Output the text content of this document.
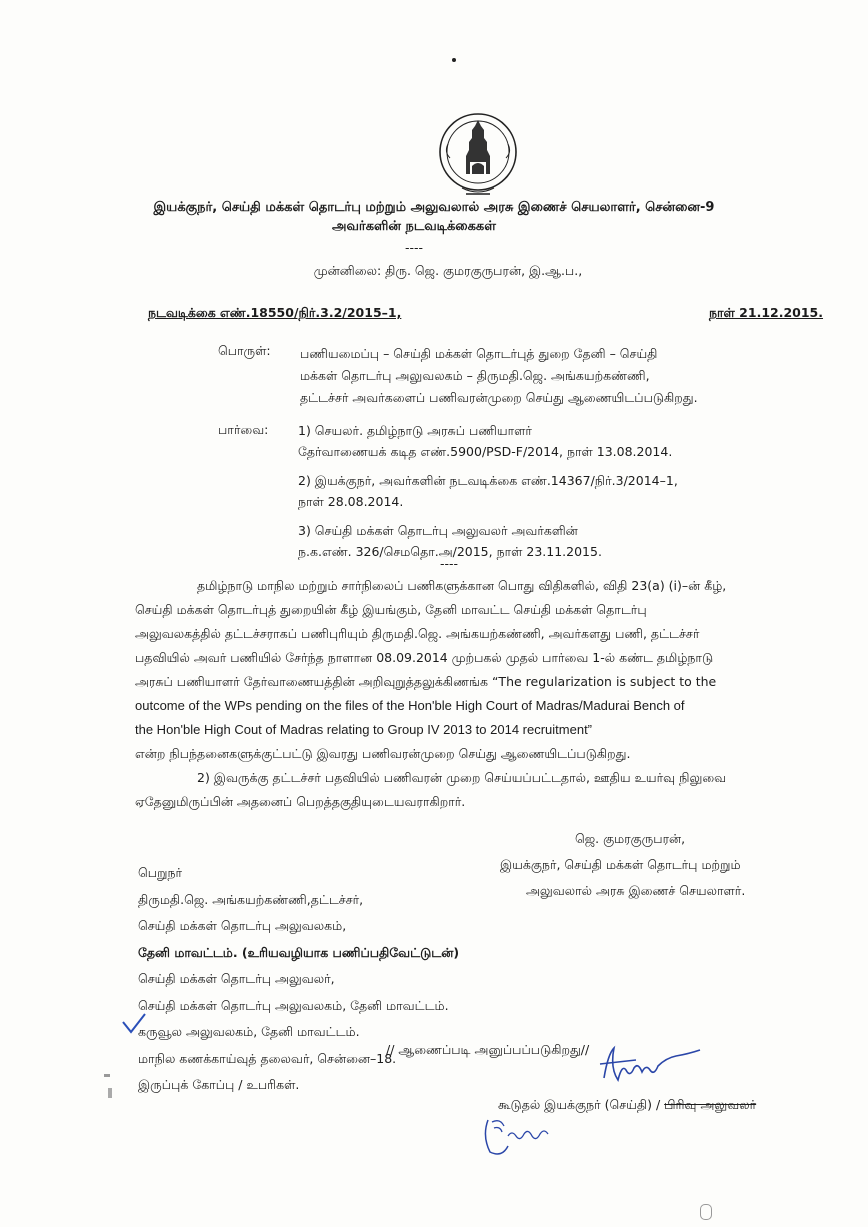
இயக்குநர், செய்தி மக்கள் தொடர்பு மற்றும் அலுவலால் அரசு இணைச் செயலாளர், சென்னை-9
அவர்களின் நடவடிக்கைகள்
----
முன்னிலை: திரு. ஜெ. குமரகுருபரன், இ.ஆ.ப.,
நடவடிக்கை எண்.18550/நிர்.3.2/2015–1,	நாள் 21.12.2015.
பொருள்: பணியமைப்பு – செய்தி மக்கள் தொடர்புத் துறை தேனி – செய்தி
மக்கள் தொடர்பு அலுவலகம் – திருமதி.ஜெ. அங்கயற்கண்ணி,
தட்டச்சர் அவர்களைப் பணிவரன்முறை செய்து ஆணையிடப்படுகிறது.
பார்வை: 1) செயலர். தமிழ்நாடு அரசுப் பணியாளர்
தேர்வாணையக் கடித எண்.5900/PSD-F/2014, நாள் 13.08.2014.
2) இயக்குநர், அவர்களின் நடவடிக்கை எண்.14367/நிர்.3/2014–1,
நாள் 28.08.2014.
3) செய்தி மக்கள் தொடர்பு அலுவலர் அவர்களின்
ந.க.எண். 326/செமதொ.அ/2015, நாள் 23.11.2015.
----
தமிழ்நாடு மாநில மற்றும் சார்நிலைப் பணிகளுக்கான பொது விதிகளில், விதி 23(a) (i)–ன் கீழ்,
செய்தி மக்கள் தொடர்புத் துறையின் கீழ் இயங்கும், தேனி மாவட்ட செய்தி மக்கள் தொடர்பு
அலுவலகத்தில் தட்டச்சராகப் பணிபுரியும் திருமதி.ஜெ. அங்கயற்கண்ணி, அவர்களது பணி, தட்டச்சர்
பதவியில் அவர் பணியில் சேர்ந்த நாளான 08.09.2014 முற்பகல் முதல் பார்வை 1-ல் கண்ட தமிழ்நாடு
அரசுப் பணியாளர் தேர்வாணையத்தின் அறிவுறுத்தலுக்கிணங்க “The regularization is subject to the
outcome of the WPs pending on the files of the Hon'ble High Court of Madras/Madurai Bench of
the Hon'ble High Cout of Madras relating to Group IV 2013 to 2014 recruitment”
என்ற நிபந்தனைகளுக்குட்பட்டு இவரது பணிவரன்முறை செய்து ஆணையிடப்படுகிறது.
2) இவருக்கு தட்டச்சர் பதவியில் பணிவரன் முறை செய்யப்பட்டதால், ஊதிய உயர்வு நிலுவை
ஏதேனுமிருப்பின் அதனைப் பெறத்தகுதியுடையவராகிறார்.
ஜெ. குமரகுருபரன்,
இயக்குநர், செய்தி மக்கள் தொடர்பு மற்றும்
அலுவலால் அரசு இணைச் செயலாளர்.
பெறுநர்
திருமதி.ஜெ. அங்கயற்கண்ணி,தட்டச்சர்,
செய்தி மக்கள் தொடர்பு அலுவலகம்,
தேனி மாவட்டம். (உரியவழியாக பணிப்பதிவேட்டுடன்)
செய்தி மக்கள் தொடர்பு அலுவலர்,
செய்தி மக்கள் தொடர்பு அலுவலகம், தேனி மாவட்டம்.
கருவூல அலுவலகம், தேனி மாவட்டம்.
மாநில கணக்காய்வுத் தலைவர், சென்னை–18.
இருப்புக் கோப்பு / உபரிகள்.
// ஆணைப்படி அனுப்பப்படுகிறது//
கூடுதல் இயக்குநர் (செய்தி) / பிரிவு அலுவலர்
